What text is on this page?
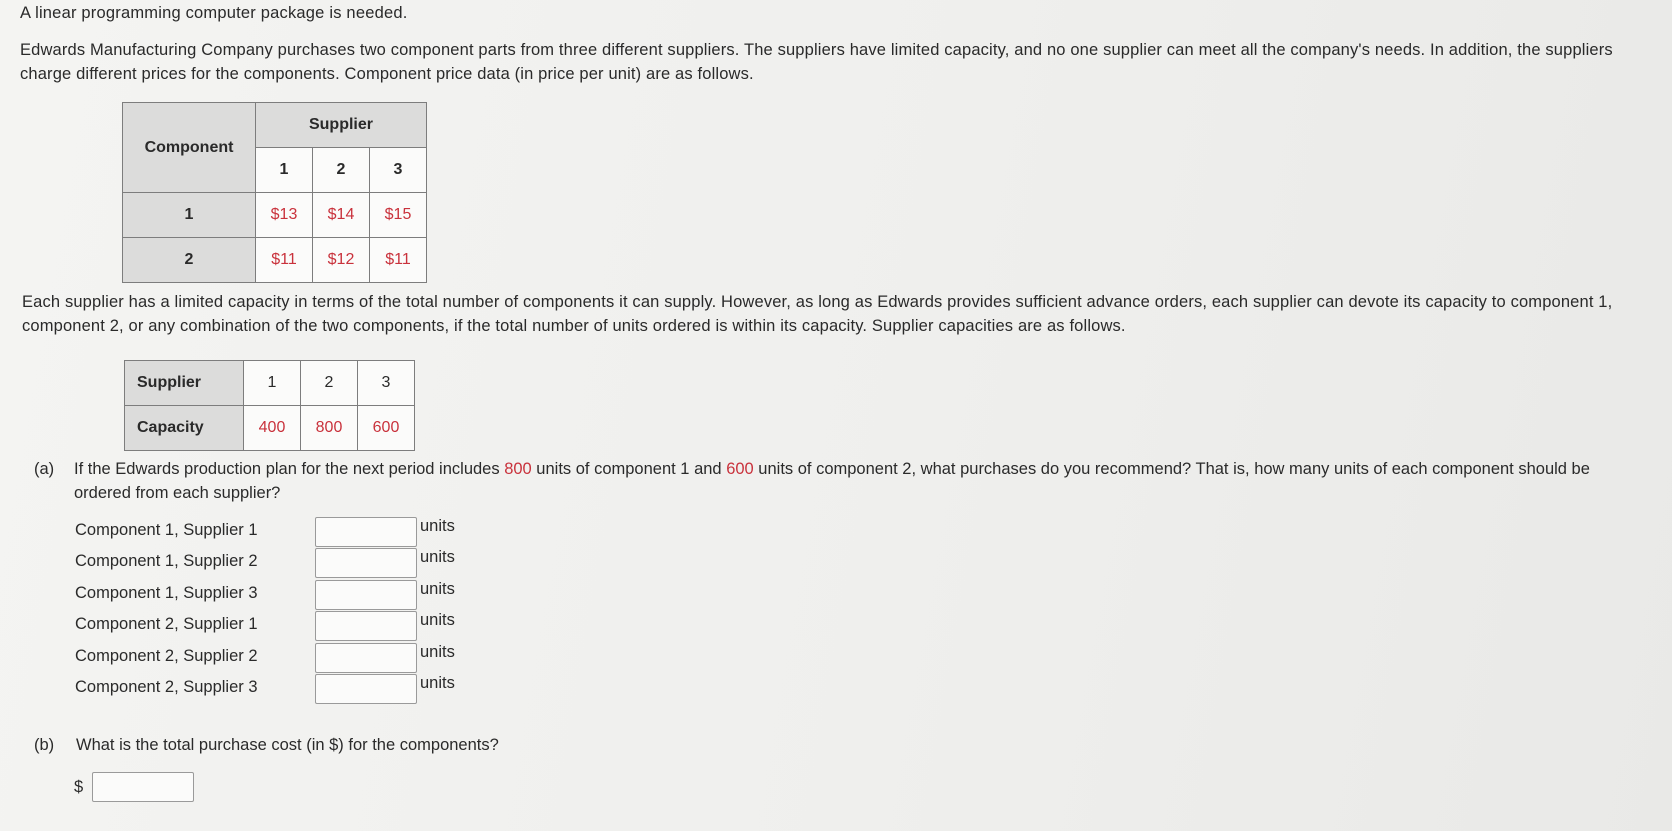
A linear programming computer package is needed.
Edwards Manufacturing Company purchases two component parts from three different suppliers. The suppliers have limited capacity, and no one supplier can meet all the company's needs. In addition, the suppliers charge different prices for the components. Component price data (in price per unit) are as follows.
Component	Supplier		
	1	2	3
1	$13	$14	$15
2	$11	$12	$11
Each supplier has a limited capacity in terms of the total number of components it can supply. However, as long as Edwards provides sufficient advance orders, each supplier can devote its capacity to component 1, component 2, or any combination of the two components, if the total number of units ordered is within its capacity. Supplier capacities are as follows.
Supplier	1	2	3
Capacity	400	800	600
(a) If the Edwards production plan for the next period includes 800 units of component 1 and 600 units of component 2, what purchases do you recommend? That is, how many units of each component should be ordered from each supplier?
Component 1, Supplier 1	units
Component 1, Supplier 2	units
Component 1, Supplier 3	units
Component 2, Supplier 1	units
Component 2, Supplier 2	units
Component 2, Supplier 3	units
(b) What is the total purchase cost (in $) for the components?
$
